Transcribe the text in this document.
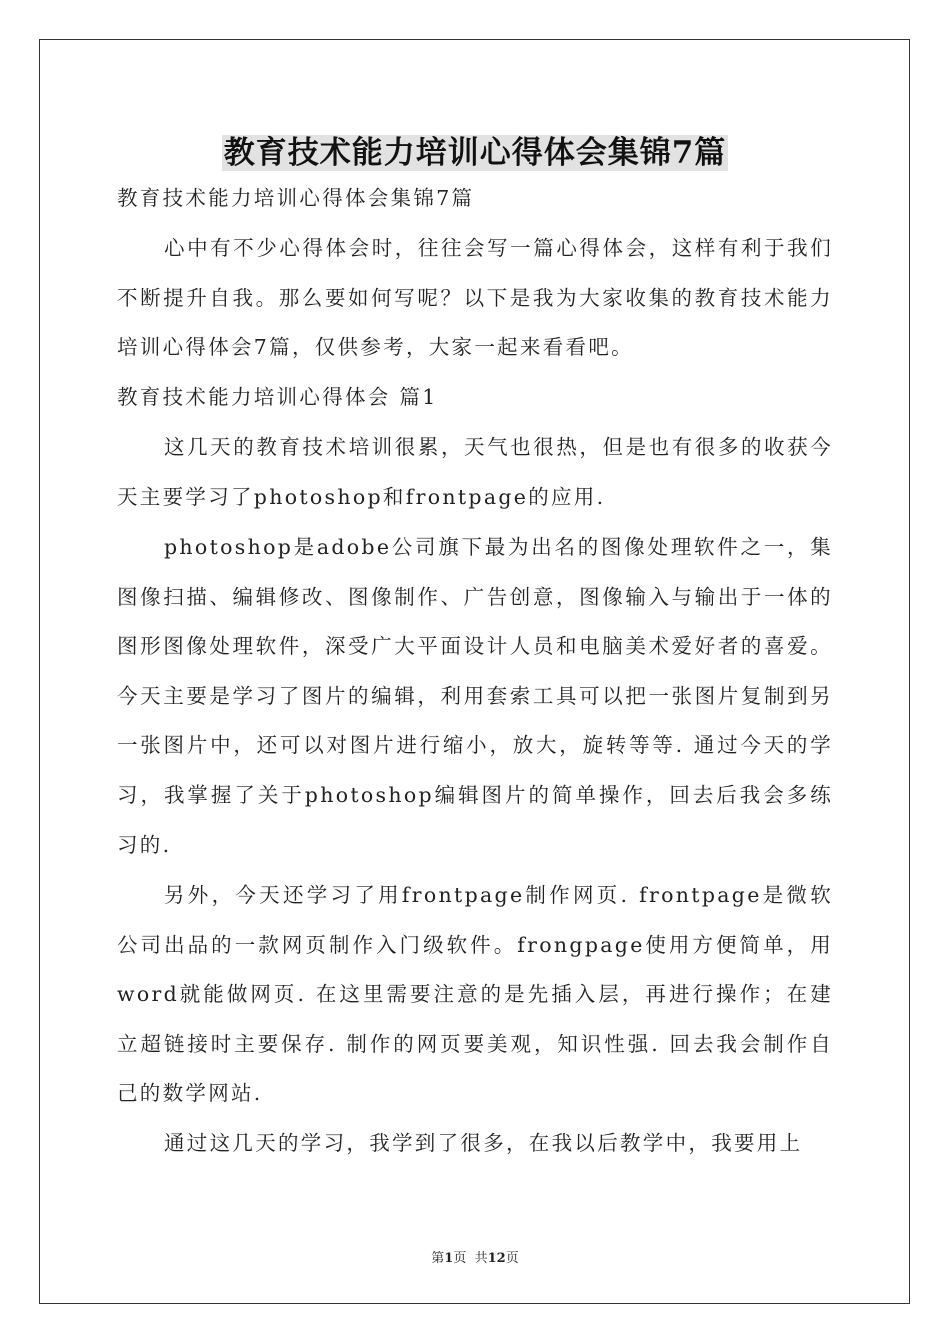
教育技术能力培训心得体会集锦7篇

教育技术能力培训心得体会集锦7篇

心中有不少心得体会时，往往会写一篇心得体会，这样有利于我们不断提升自我。那么要如何写呢？以下是我为大家收集的教育技术能力培训心得体会7篇，仅供参考，大家一起来看看吧。

教育技术能力培训心得体会 篇1

这几天的教育技术培训很累，天气也很热，但是也有很多的收获今天主要学习了photoshop和frontpage的应用.

photoshop是adobe公司旗下最为出名的图像处理软件之一，集图像扫描、编辑修改、图像制作、广告创意，图像输入与输出于一体的图形图像处理软件，深受广大平面设计人员和电脑美术爱好者的喜爱。今天主要是学习了图片的编辑，利用套索工具可以把一张图片复制到另一张图片中，还可以对图片进行缩小，放大，旋转等等. 通过今天的学习，我掌握了关于photoshop编辑图片的简单操作，回去后我会多练习的.

另外，今天还学习了用frontpage制作网页. frontpage是微软公司出品的一款网页制作入门级软件。frongpage使用方便简单，用word就能做网页. 在这里需要注意的是先插入层，再进行操作；在建立超链接时主要保存. 制作的网页要美观，知识性强. 回去我会制作自己的数学网站.

通过这几天的学习，我学到了很多，在我以后教学中，我要用上

第1页  共12页
